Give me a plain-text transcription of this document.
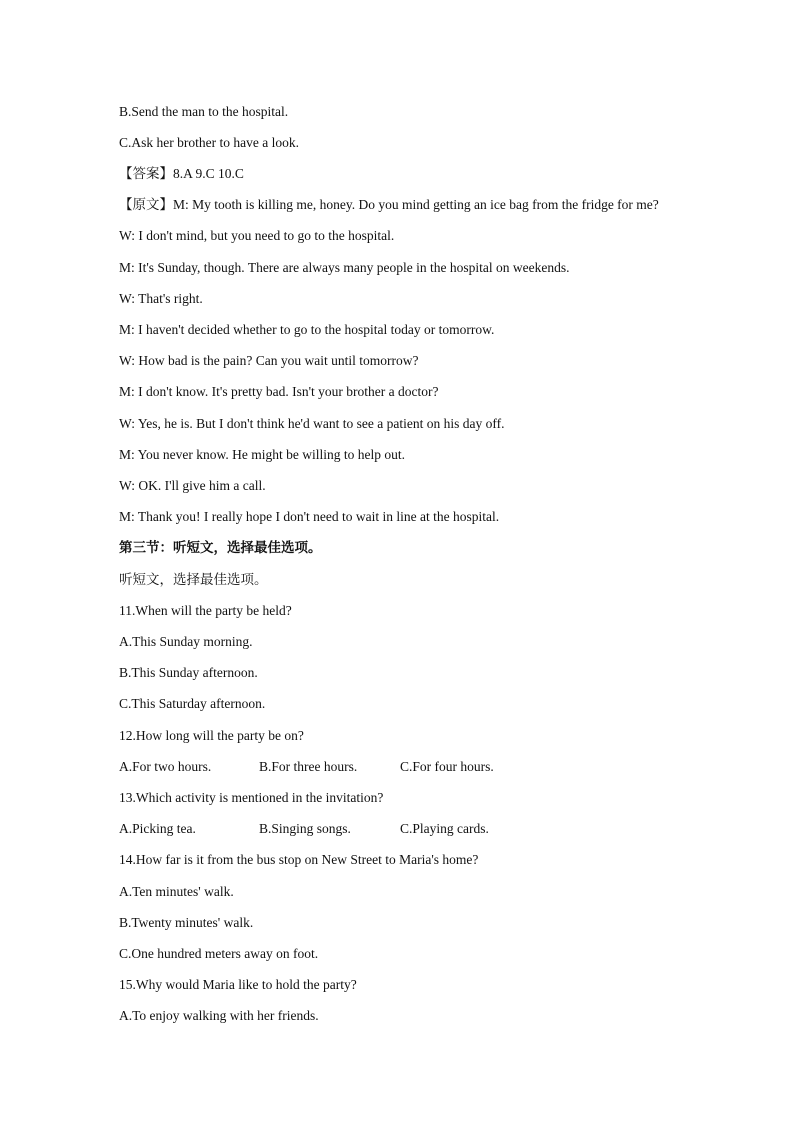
B.Send the man to the hospital.
C.Ask her brother to have a look.
【答案】8.A 9.C 10.C
【原文】M: My tooth is killing me, honey. Do you mind getting an ice bag from the fridge for me?
W: I don't mind, but you need to go to the hospital.
M: It's Sunday, though. There are always many people in the hospital on weekends.
W: That's right.
M: I haven't decided whether to go to the hospital today or tomorrow.
W: How bad is the pain? Can you wait until tomorrow?
M: I don't know. It's pretty bad. Isn't your brother a doctor?
W: Yes, he is. But I don't think he'd want to see a patient on his day off.
M: You never know. He might be willing to help out.
W: OK. I'll give him a call.
M: Thank you! I really hope I don't need to wait in line at the hospital.
第三节：听短文，选择最佳选项。
听短文，选择最佳选项。
11.When will the party be held?
A.This Sunday morning.
B.This Sunday afternoon.
C.This Saturday afternoon.
12.How long will the party be on?
A.For two hours.	B.For three hours.	C.For four hours.
13.Which activity is mentioned in the invitation?
A.Picking tea.	B.Singing songs.	C.Playing cards.
14.How far is it from the bus stop on New Street to Maria's home?
A.Ten minutes' walk.
B.Twenty minutes' walk.
C.One hundred meters away on foot.
15.Why would Maria like to hold the party?
A.To enjoy walking with her friends.
